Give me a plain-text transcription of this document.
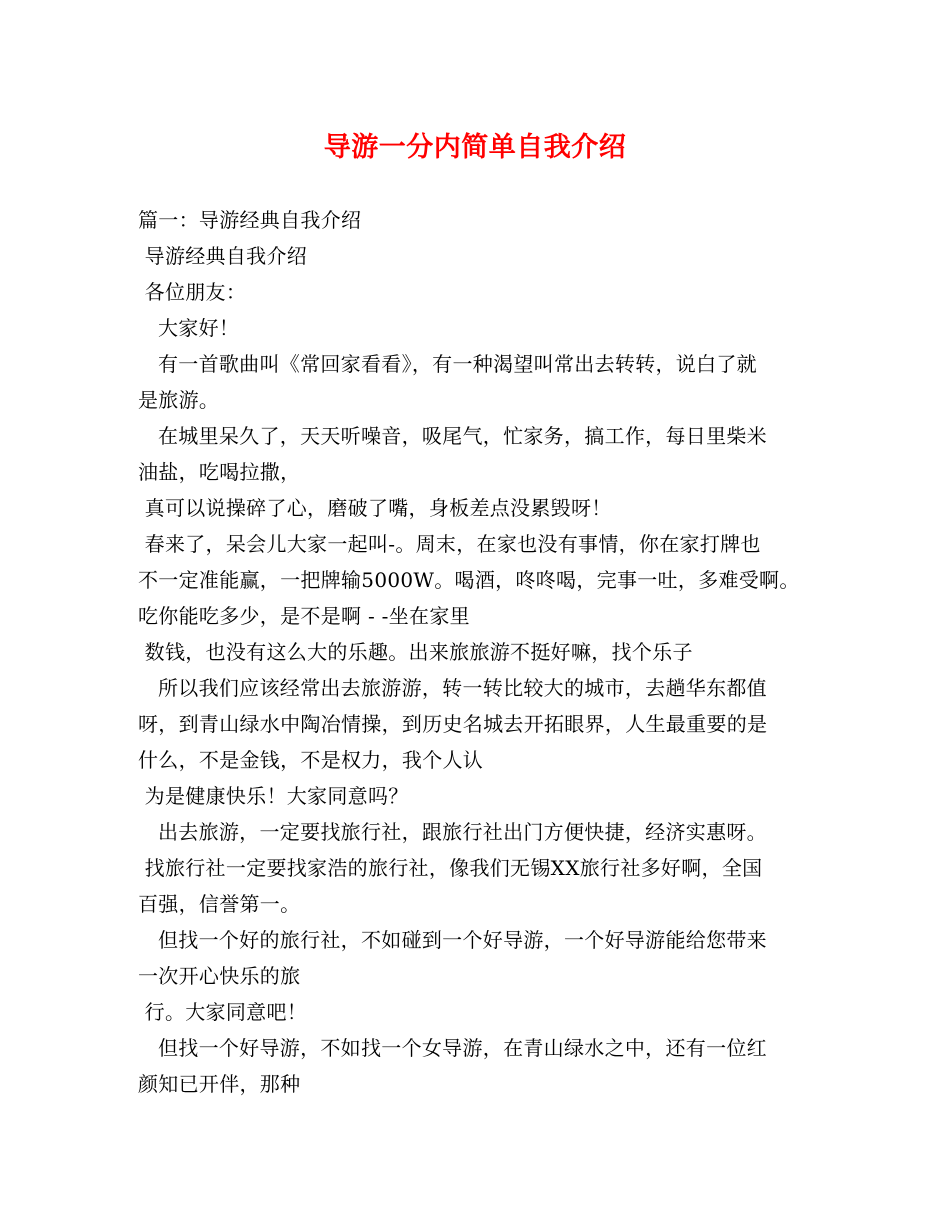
导游一分内简单自我介绍
篇一：导游经典自我介绍
导游经典自我介绍
各位朋友：
大家好！
有一首歌曲叫《常回家看看》，有一种渴望叫常出去转转，说白了就
是旅游。
在城里呆久了，天天听噪音，吸尾气，忙家务，搞工作，每日里柴米
油盐，吃喝拉撒，
真可以说操碎了心，磨破了嘴，身板差点没累毁呀！
春来了，呆会儿大家一起叫-。周末，在家也没有事情，你在家打牌也
不一定准能赢，一把牌输5000W。喝酒，咚咚喝，完事一吐，多难受啊。
吃你能吃多少，是不是啊 - -坐在家里
数钱，也没有这么大的乐趣。出来旅旅游不挺好嘛，找个乐子
所以我们应该经常出去旅游游，转一转比较大的城市，去趟华东都值
呀，到青山绿水中陶冶情操，到历史名城去开拓眼界，人生最重要的是
什么，不是金钱，不是权力，我个人认
为是健康快乐！大家同意吗？
出去旅游，一定要找旅行社，跟旅行社出门方便快捷，经济实惠呀。
找旅行社一定要找家浩的旅行社，像我们无锡XX旅行社多好啊，全国
百强，信誉第一。
但找一个好的旅行社，不如碰到一个好导游，一个好导游能给您带来
一次开心快乐的旅
行。大家同意吧！
但找一个好导游，不如找一个女导游，在青山绿水之中，还有一位红
颜知已开伴，那种
